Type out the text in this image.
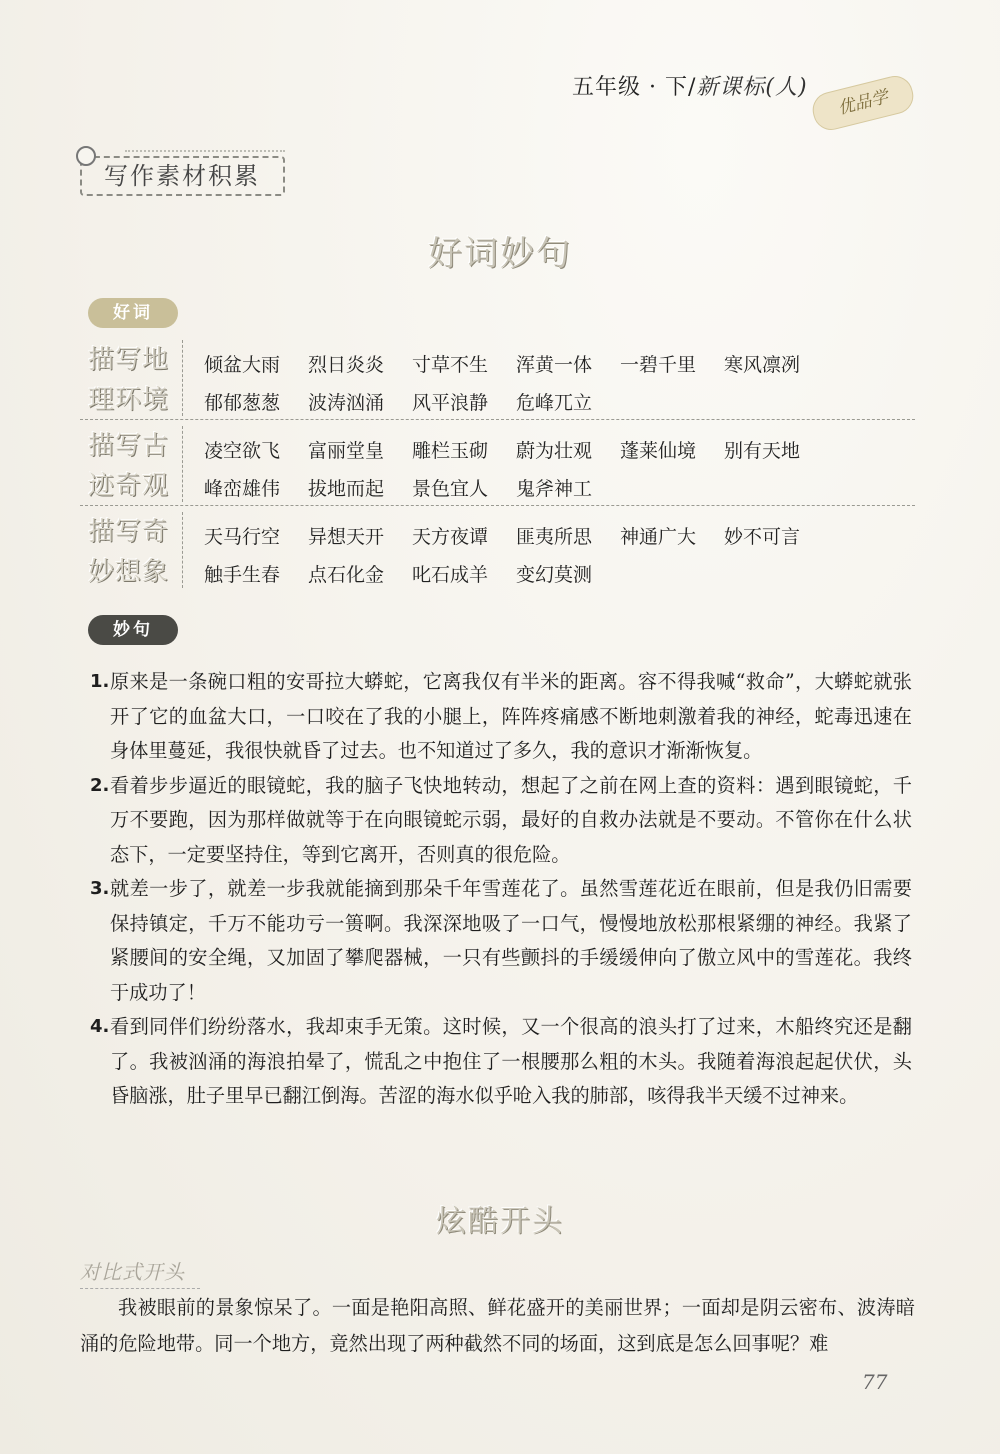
五年级 · 下/新课标(人)	优品学
写作素材积累
好词妙句
好词
描写地
理环境
倾盆大雨	烈日炎炎	寸草不生	浑黄一体	一碧千里	寒风凛冽
郁郁葱葱	波涛汹涌	风平浪静	危峰兀立
描写古
迹奇观
凌空欲飞	富丽堂皇	雕栏玉砌	蔚为壮观	蓬莱仙境	别有天地
峰峦雄伟	拔地而起	景色宜人	鬼斧神工
描写奇
妙想象
天马行空	异想天开	天方夜谭	匪夷所思	神通广大	妙不可言
触手生春	点石化金	叱石成羊	变幻莫测
妙句
1. 原来是一条碗口粗的安哥拉大蟒蛇，它离我仅有半米的距离。容不得我喊“救命”，大蟒蛇就张开了它的血盆大口，一口咬在了我的小腿上，阵阵疼痛感不断地刺激着我的神经，蛇毒迅速在身体里蔓延，我很快就昏了过去。也不知道过了多久，我的意识才渐渐恢复。
2. 看着步步逼近的眼镜蛇，我的脑子飞快地转动，想起了之前在网上查的资料：遇到眼镜蛇，千万不要跑，因为那样做就等于在向眼镜蛇示弱，最好的自救办法就是不要动。不管你在什么状态下，一定要坚持住，等到它离开，否则真的很危险。
3. 就差一步了，就差一步我就能摘到那朵千年雪莲花了。虽然雪莲花近在眼前，但是我仍旧需要保持镇定，千万不能功亏一篑啊。我深深地吸了一口气，慢慢地放松那根紧绷的神经。我紧了紧腰间的安全绳，又加固了攀爬器械，一只有些颤抖的手缓缓伸向了傲立风中的雪莲花。我终于成功了！
4. 看到同伴们纷纷落水，我却束手无策。这时候，又一个很高的浪头打了过来，木船终究还是翻了。我被汹涌的海浪拍晕了，慌乱之中抱住了一根腰那么粗的木头。我随着海浪起起伏伏，头昏脑涨，肚子里早已翻江倒海。苦涩的海水似乎呛入我的肺部，咳得我半天缓不过神来。
炫酷开头
对比式开头
我被眼前的景象惊呆了。一面是艳阳高照、鲜花盛开的美丽世界；一面却是阴云密布、波涛暗涌的危险地带。同一个地方，竟然出现了两种截然不同的场面，这到底是怎么回事呢？难
77
